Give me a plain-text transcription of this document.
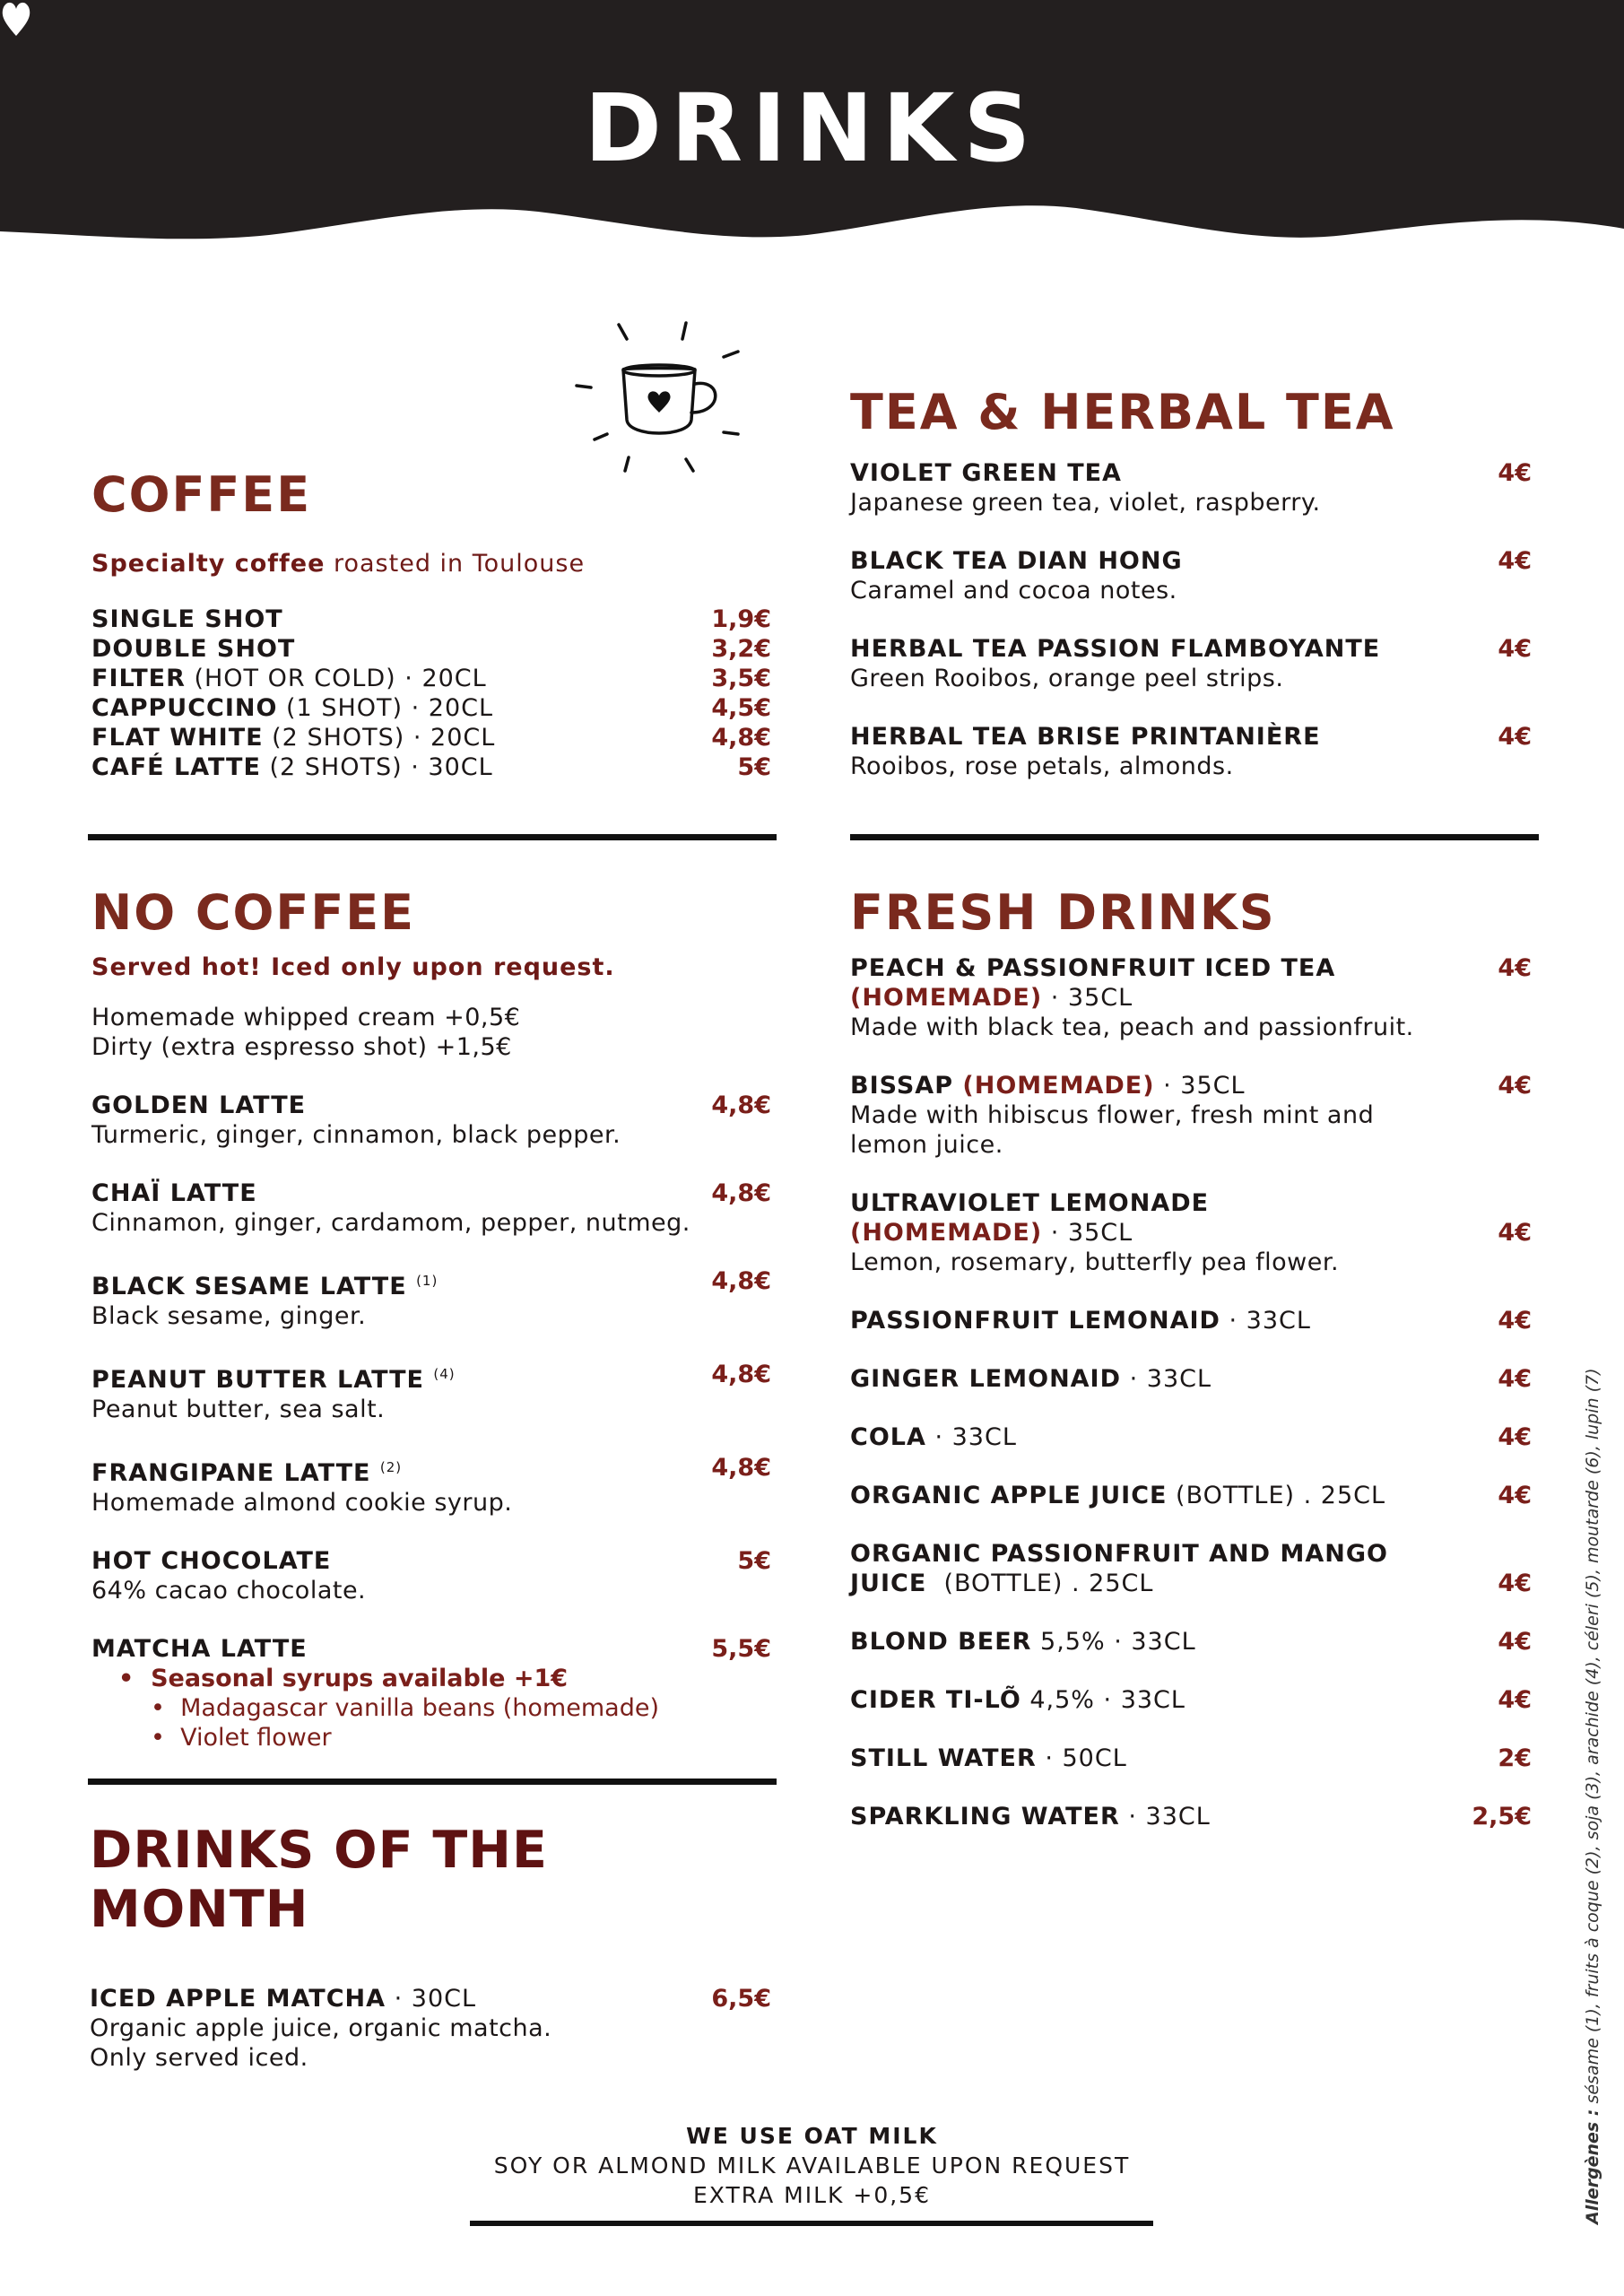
DRINKS
COFFEE
Specialty coffee roasted in Toulouse
SINGLE SHOT	1,9€
DOUBLE SHOT	3,2€
FILTER (HOT OR COLD) · 20CL	3,5€
CAPPUCCINO (1 SHOT) · 20CL	4,5€
FLAT WHITE (2 SHOTS) · 20CL	4,8€
CAFÉ LATTE (2 SHOTS) · 30CL	5€
NO COFFEE
Served hot! Iced only upon request.
Homemade whipped cream +0,5€
Dirty (extra espresso shot) +1,5€
GOLDEN LATTE	4,8€
Turmeric, ginger, cinnamon, black pepper.
CHAÏ LATTE	4,8€
Cinnamon, ginger, cardamom, pepper, nutmeg.
BLACK SESAME LATTE $^{(1)}$	4,8€
Black sesame, ginger.
PEANUT BUTTER LATTE $^{(4)}$	4,8€
Peanut butter, sea salt.
FRANGIPANE LATTE $^{(2)}$	4,8€
Homemade almond cookie syrup.
HOT CHOCOLATE	5€
64% cacao chocolate.
MATCHA LATTE	5,5€
•  Seasonal syrups available +1€
•  Madagascar vanilla beans (homemade)
•  Violet flower
DRINKS OF THE MONTH
ICED APPLE MATCHA · 30CL	6,5€
Organic apple juice, organic matcha.
Only served iced.
TEA & HERBAL TEA
VIOLET GREEN TEA	4€
Japanese green tea, violet, raspberry.
BLACK TEA DIAN HONG	4€
Caramel and cocoa notes.
HERBAL TEA PASSION FLAMBOYANTE	4€
Green Rooibos, orange peel strips.
HERBAL TEA BRISE PRINTANIÈRE	4€
Rooibos, rose petals, almonds.
FRESH DRINKS
PEACH & PASSIONFRUIT ICED TEA	4€
(HOMEMADE) · 35CL
Made with black tea, peach and passionfruit.
BISSAP (HOMEMADE) · 35CL	4€
Made with hibiscus flower, fresh mint and
lemon juice.
ULTRAVIOLET LEMONADE
(HOMEMADE) · 35CL	4€
Lemon, rosemary, butterfly pea flower.
PASSIONFRUIT LEMONAID · 33CL	4€
GINGER LEMONAID · 33CL	4€
COLA · 33CL	4€
ORGANIC APPLE JUICE (BOTTLE) . 25CL	4€
ORGANIC PASSIONFRUIT AND MANGO
JUICE  (BOTTLE) . 25CL	4€
BLOND BEER 5,5% · 33CL	4€
CIDER TI-LÕ 4,5% · 33CL	4€
STILL WATER · 50CL	2€
SPARKLING WATER · 33CL	2,5€
WE USE OAT MILK
SOY OR ALMOND MILK AVAILABLE UPON REQUEST
EXTRA MILK +0,5€	Allergènes : sésame (1), fruits à coque (2), soja (3), arachide (4), céleri (5), moutarde (6), lupin (7)
